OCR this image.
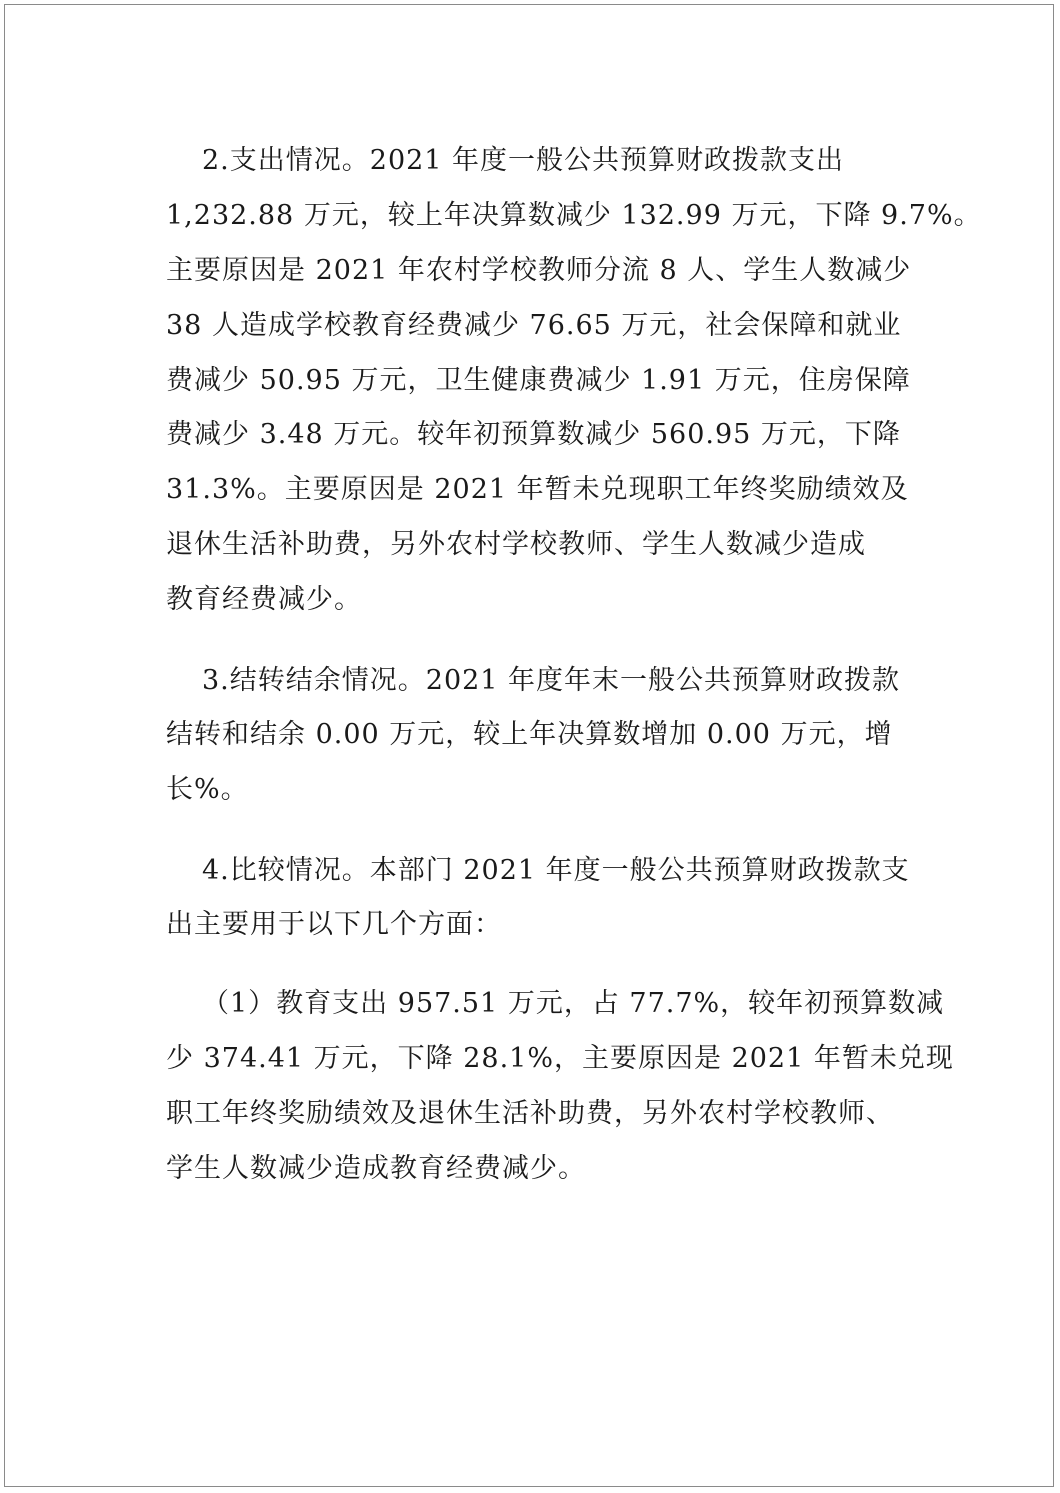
2.支出情况。2021 年度一般公共预算财政拨款支出
1,232.88 万元，较上年决算数减少 132.99 万元，下降 9.7%。
主要原因是 2021 年农村学校教师分流 8 人、学生人数减少
38 人造成学校教育经费减少 76.65 万元，社会保障和就业
费减少 50.95 万元，卫生健康费减少 1.91 万元，住房保障
费减少 3.48 万元。较年初预算数减少 560.95 万元，下降
31.3%。主要原因是 2021 年暂未兑现职工年终奖励绩效及
退休生活补助费，另外农村学校教师、学生人数减少造成
教育经费减少。
3.结转结余情况。2021 年度年末一般公共预算财政拨款
结转和结余 0.00 万元，较上年决算数增加 0.00 万元，增
长%。
4.比较情况。本部门 2021 年度一般公共预算财政拨款支
出主要用于以下几个方面：
（1）教育支出 957.51 万元，占 77.7%，较年初预算数减
少 374.41 万元，下降 28.1%，主要原因是 2021 年暂未兑现
职工年终奖励绩效及退休生活补助费，另外农村学校教师、
学生人数减少造成教育经费减少。
